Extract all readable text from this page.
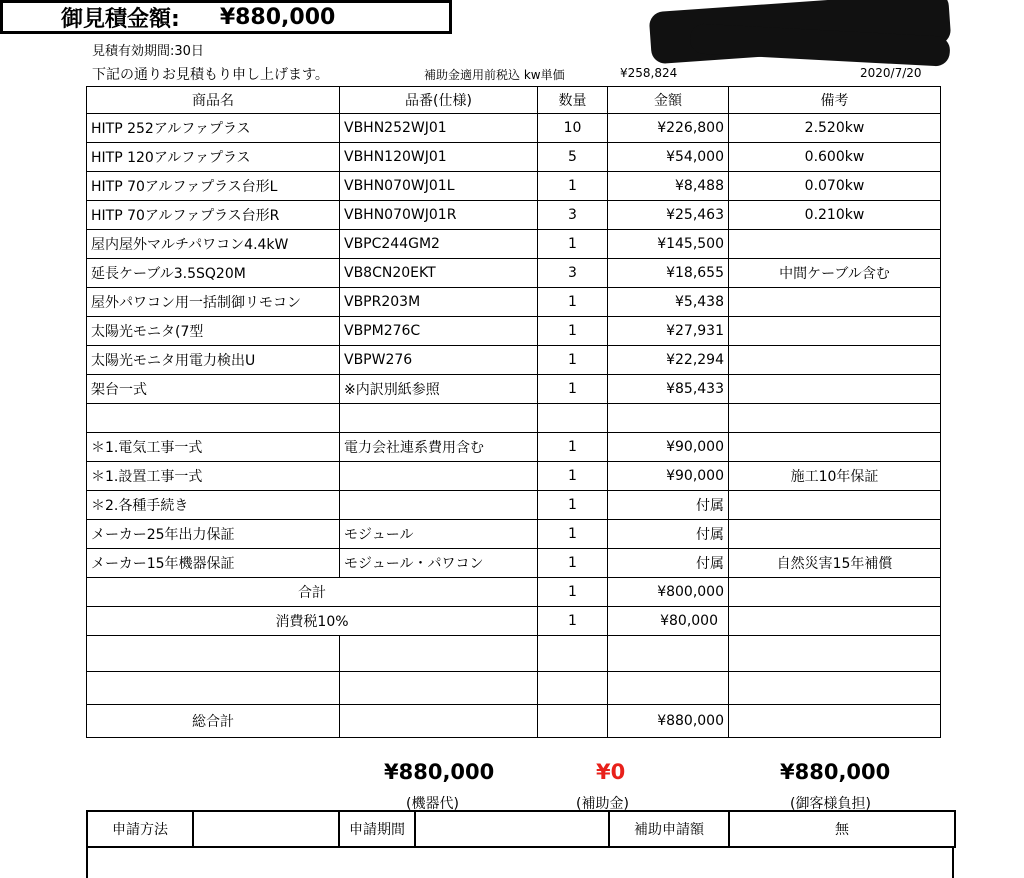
御見積金額: ¥880,000
見積有効期間:30日
下記の通りお見積もり申し上げます。	補助金適用前税込 kw単価	¥258,824	2020/7/20
商品名	品番(仕様)	数量	金額	備考
HITP 252アルファプラス	VBHN252WJ01	10	¥226,800	2.520kw
HITP 120アルファプラス	VBHN120WJ01	5	¥54,000	0.600kw
HITP 70アルファプラス台形L	VBHN070WJ01L	1	¥8,488	0.070kw
HITP 70アルファプラス台形R	VBHN070WJ01R	3	¥25,463	0.210kw
屋内屋外マルチパワコン4.4kW	VBPC244GM2	1	¥145,500	
延長ケーブル3.5SQ20M	VB8CN20EKT	3	¥18,655	中間ケーブル含む
屋外パワコン用一括制御リモコン	VBPR203M	1	¥5,438	
太陽光モニタ(7型	VBPM276C	1	¥27,931	
太陽光モニタ用電力検出U	VBPW276	1	¥22,294	
架台一式	※内訳別紙参照	1	¥85,433	

＊1.電気工事一式	電力会社連系費用含む	1	¥90,000	
＊1.設置工事一式		1	¥90,000	施工10年保証
＊2.各種手続き		1	付属	
メーカー25年出力保証	モジュール	1	付属	
メーカー15年機器保証	モジュール・パワコン	1	付属	自然災害15年補償
合計		1	¥800,000	
消費税10%		1	¥80,000	

総合計			¥880,000	
¥880,000
(機器代)
¥0
(補助金)
¥880,000
(御客様負担)
申請方法		申請期間		補助申請額	無
